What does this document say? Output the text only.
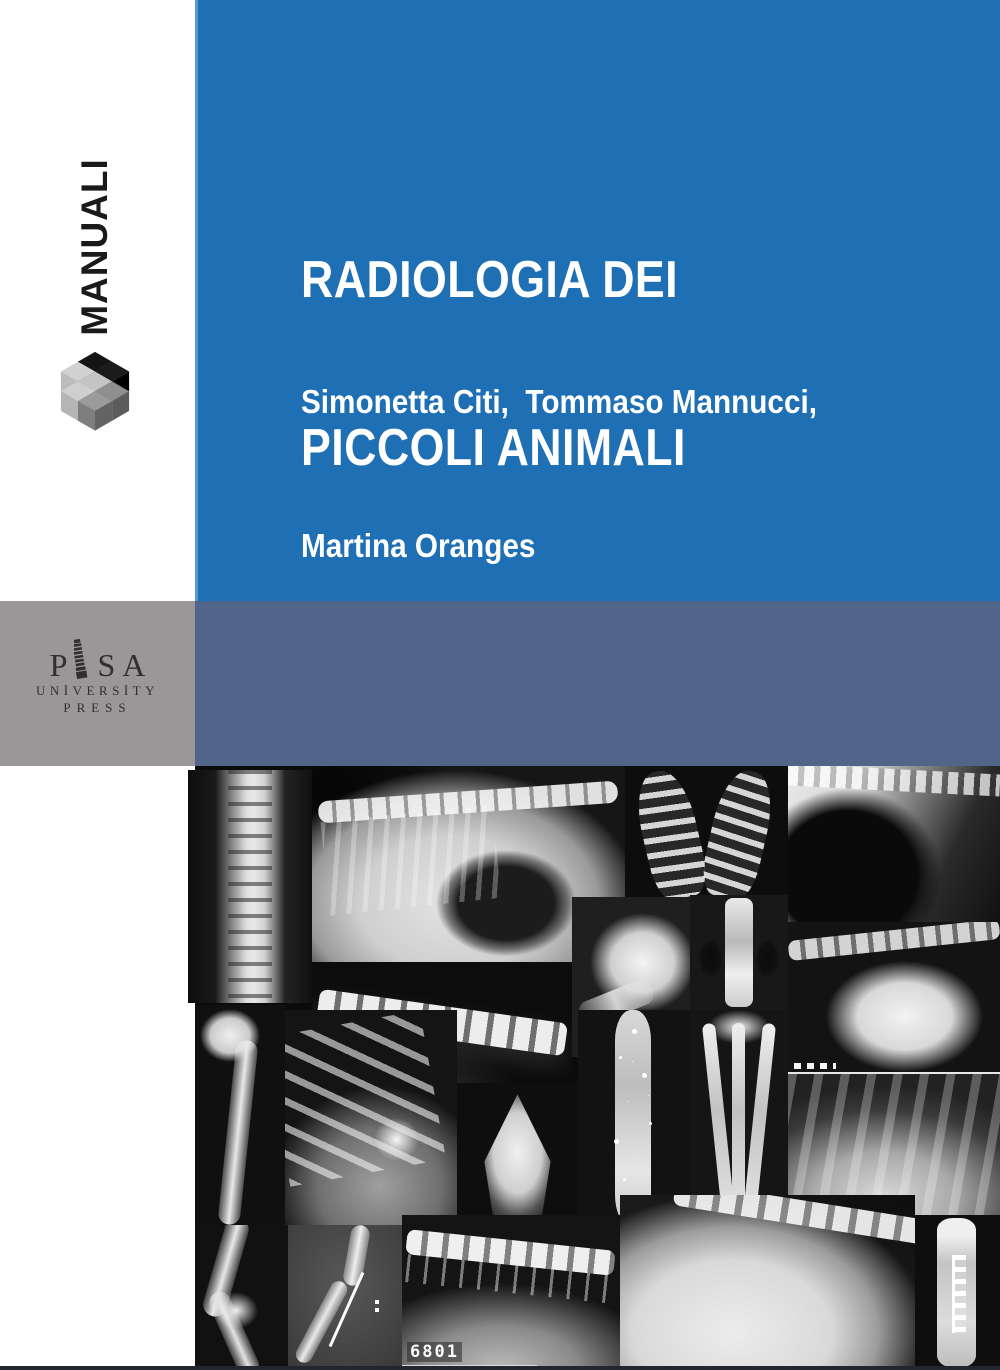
MANUALI

	RADIOLOGIA DEI

PICCOLI ANIMALI

Simonetta Citi,  Tommaso Mannucci,

Martina Oranges

P S A
UNİVERSİTY
PRESS
6801
